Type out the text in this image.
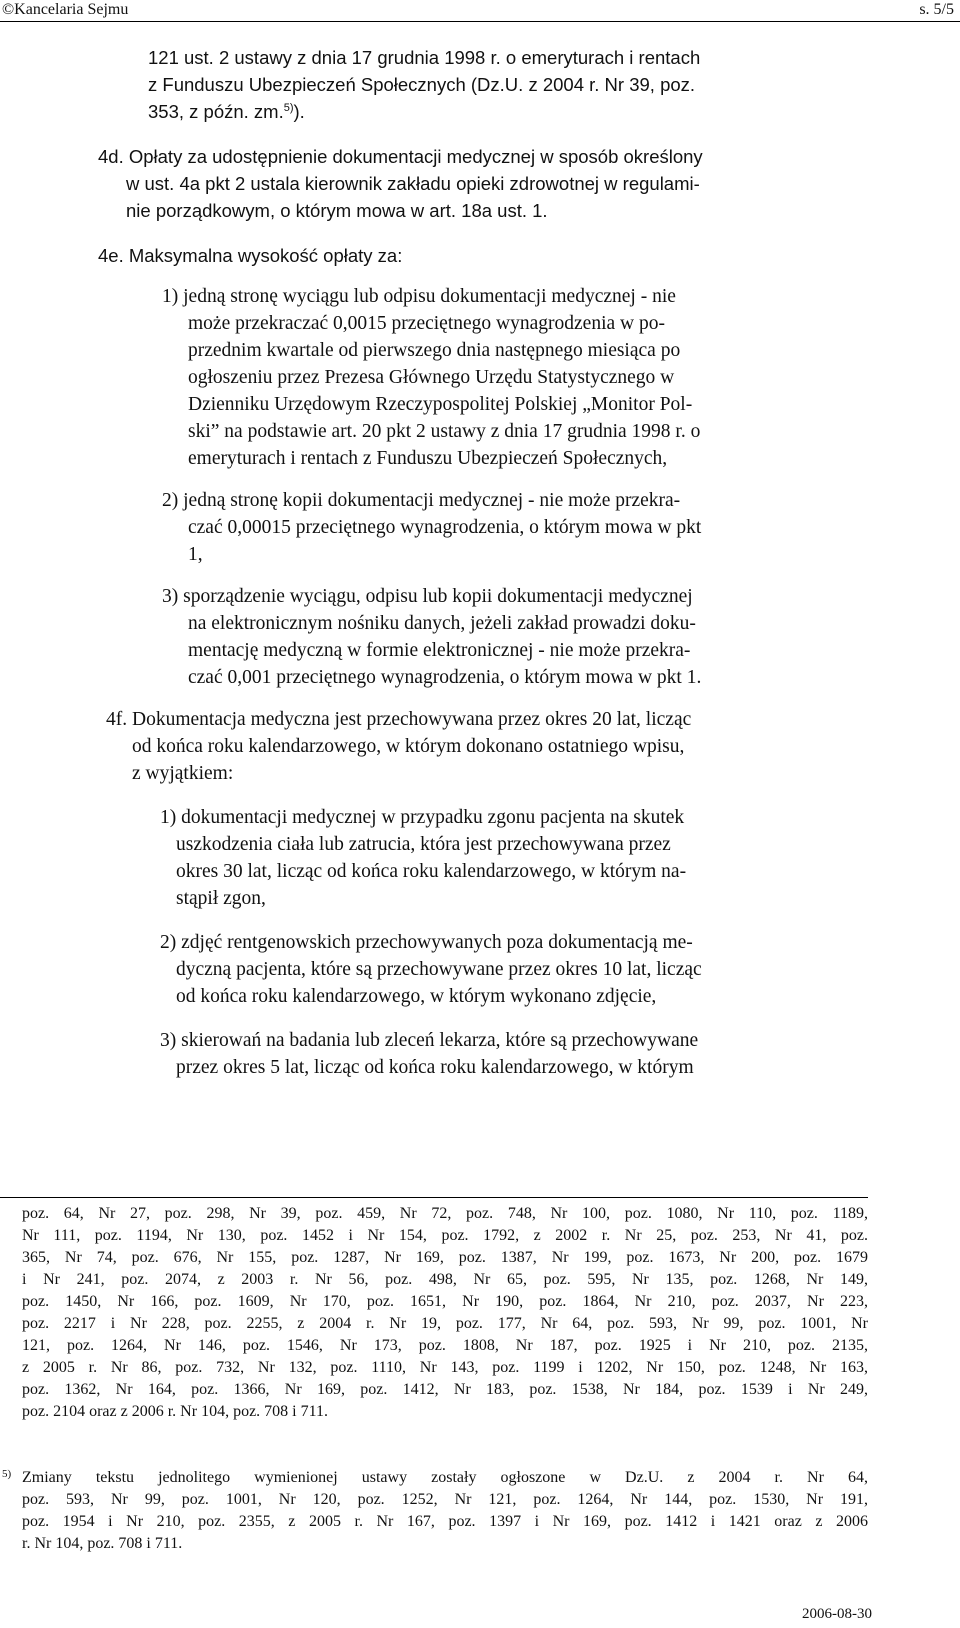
©Kancelaria Sejmu	s. 5/5
121 ust. 2 ustawy z dnia 17 grudnia 1998 r. o emeryturach i rentach
z Funduszu Ubezpieczeń Społecznych (Dz.U. z 2004 r. Nr 39, poz.
353, z późn. zm.$^{5)}$).
4d. Opłaty za udostępnienie dokumentacji medycznej w sposób określony
w ust. 4a pkt 2 ustala kierownik zakładu opieki zdrowotnej w regulami-
nie porządkowym, o którym mowa w art. 18a ust. 1.
4e. Maksymalna wysokość opłaty za:
1) jedną stronę wyciągu lub odpisu dokumentacji medycznej - nie
może przekraczać 0,0015 przeciętnego wynagrodzenia w po-
przednim kwartale od pierwszego dnia następnego miesiąca po
ogłoszeniu przez Prezesa Głównego Urzędu Statystycznego w
Dzienniku Urzędowym Rzeczypospolitej Polskiej „Monitor Pol-
ski” na podstawie art. 20 pkt 2 ustawy z dnia 17 grudnia 1998 r. o
emeryturach i rentach z Funduszu Ubezpieczeń Społecznych,
2) jedną stronę kopii dokumentacji medycznej - nie może przekra-
czać 0,00015 przeciętnego wynagrodzenia, o którym mowa w pkt
1,
3) sporządzenie wyciągu, odpisu lub kopii dokumentacji medycznej
na elektronicznym nośniku danych, jeżeli zakład prowadzi doku-
mentację medyczną w formie elektronicznej - nie może przekra-
czać 0,001 przeciętnego wynagrodzenia, o którym mowa w pkt 1.
4f. Dokumentacja medyczna jest przechowywana przez okres 20 lat, licząc
od końca roku kalendarzowego, w którym dokonano ostatniego wpisu,
z wyjątkiem:
1) dokumentacji medycznej w przypadku zgonu pacjenta na skutek
uszkodzenia ciała lub zatrucia, która jest przechowywana przez
okres 30 lat, licząc od końca roku kalendarzowego, w którym na-
stąpił zgon,
2) zdjęć rentgenowskich przechowywanych poza dokumentacją me-
dyczną pacjenta, które są przechowywane przez okres 10 lat, licząc
od końca roku kalendarzowego, w którym wykonano zdjęcie,
3) skierowań na badania lub zleceń lekarza, które są przechowywane
przez okres 5 lat, licząc od końca roku kalendarzowego, w którym
poz. 64, Nr 27, poz. 298, Nr 39, poz. 459, Nr 72, poz. 748, Nr 100, poz. 1080, Nr 110, poz. 1189,
Nr 111, poz. 1194, Nr 130, poz. 1452 i Nr 154, poz. 1792, z 2002 r. Nr 25, poz. 253, Nr 41, poz.
365, Nr 74, poz. 676, Nr 155, poz. 1287, Nr 169, poz. 1387, Nr 199, poz. 1673, Nr 200, poz. 1679
i Nr 241, poz. 2074, z 2003 r. Nr 56, poz. 498, Nr 65, poz. 595, Nr 135, poz. 1268, Nr 149,
poz. 1450, Nr 166, poz. 1609, Nr 170, poz. 1651, Nr 190, poz. 1864, Nr 210, poz. 2037, Nr 223,
poz. 2217 i Nr 228, poz. 2255, z 2004 r. Nr 19, poz. 177, Nr 64, poz. 593, Nr 99, poz. 1001, Nr
121, poz. 1264, Nr 146, poz. 1546, Nr 173, poz. 1808, Nr 187, poz. 1925 i Nr 210, poz. 2135,
z 2005 r. Nr 86, poz. 732, Nr 132, poz. 1110, Nr 143, poz. 1199 i 1202, Nr 150, poz. 1248, Nr 163,
poz. 1362, Nr 164, poz. 1366, Nr 169, poz. 1412, Nr 183, poz. 1538, Nr 184, poz. 1539 i Nr 249,
poz. 2104 oraz z 2006 r. Nr 104, poz. 708 i 711.
5) Zmiany tekstu jednolitego wymienionej ustawy zostały ogłoszone w Dz.U. z 2004 r. Nr 64,
poz. 593, Nr 99, poz. 1001, Nr 120, poz. 1252, Nr 121, poz. 1264, Nr 144, poz. 1530, Nr 191,
poz. 1954 i Nr 210, poz. 2355, z 2005 r. Nr 167, poz. 1397 i Nr 169, poz. 1412 i 1421 oraz z 2006
r. Nr 104, poz. 708 i 711.
2006-08-30
